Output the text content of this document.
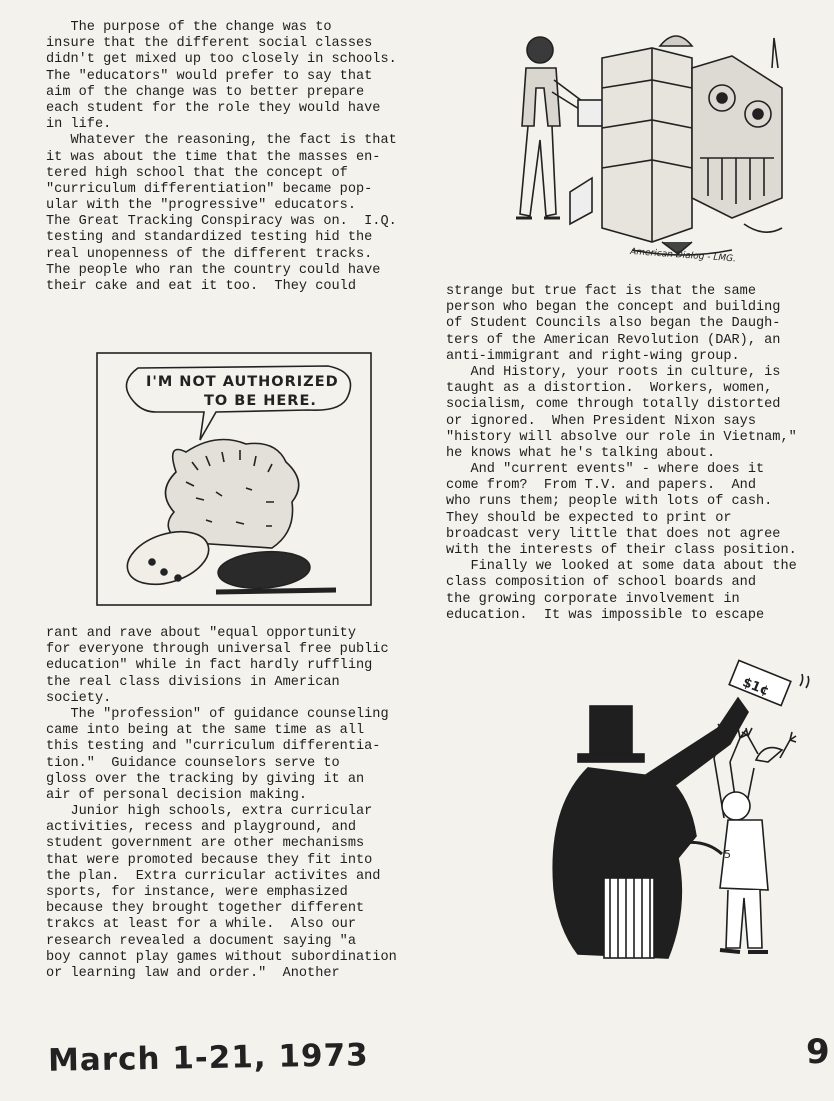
The purpose of the change was to
insure that the different social classes
didn't get mixed up too closely in schools.
The "educators" would prefer to say that
aim of the change was to better prepare
each student for the role they would have
in life.
Whatever the reasoning, the fact is that
it was about the time that the masses en-
tered high school that the concept of
"curriculum differentiation" became pop-
ular with the "progressive" educators.
The Great Tracking Conspiracy was on.  I.Q.
testing and standardized testing hid the
real unopenness of the different tracks.
The people who ran the country could have
their cake and eat it too.  They could	strange but true fact is that the same
person who began the concept and building
of Student Councils also began the Daugh-
ters of the American Revolution (DAR), an
anti-immigrant and right-wing group.
And History, your roots in culture, is
taught as a distortion.  Workers, women,
socialism, come through totally distorted
or ignored.  When President Nixon says
"history will absolve our role in Vietnam,"
he knows what he's talking about.
And "current events" - where does it
come from?  From T.V. and papers.  And
who runs them; people with lots of cash.
They should be expected to print or
broadcast very little that does not agree
with the interests of their class position.
Finally we looked at some data about the
class composition of school boards and
the growing corporate involvement in
education.  It was impossible to escape
rant and rave about "equal opportunity
for everyone through universal free public
education" while in fact hardly ruffling
the real class divisions in American
society.
The "profession" of guidance counseling
came into being at the same time as all
this testing and "curriculum differentia-
tion."  Guidance counselors serve to
gloss over the tracking by giving it an
air of personal decision making.
Junior high schools, extra curricular
activities, recess and playground, and
student government are other mechanisms
that were promoted because they fit into
the plan.  Extra curricular activites and
sports, for instance, were emphasized
because they brought together different
trakcs at least for a while.  Also our
research revealed a document saying "a
boy cannot play games without subordination
or learning law and order."  Another
American Dialog - LMG.
I'M NOT AUTHORIZED
TO BE HERE.
$1¢
5
March 1-21, 1973	9
